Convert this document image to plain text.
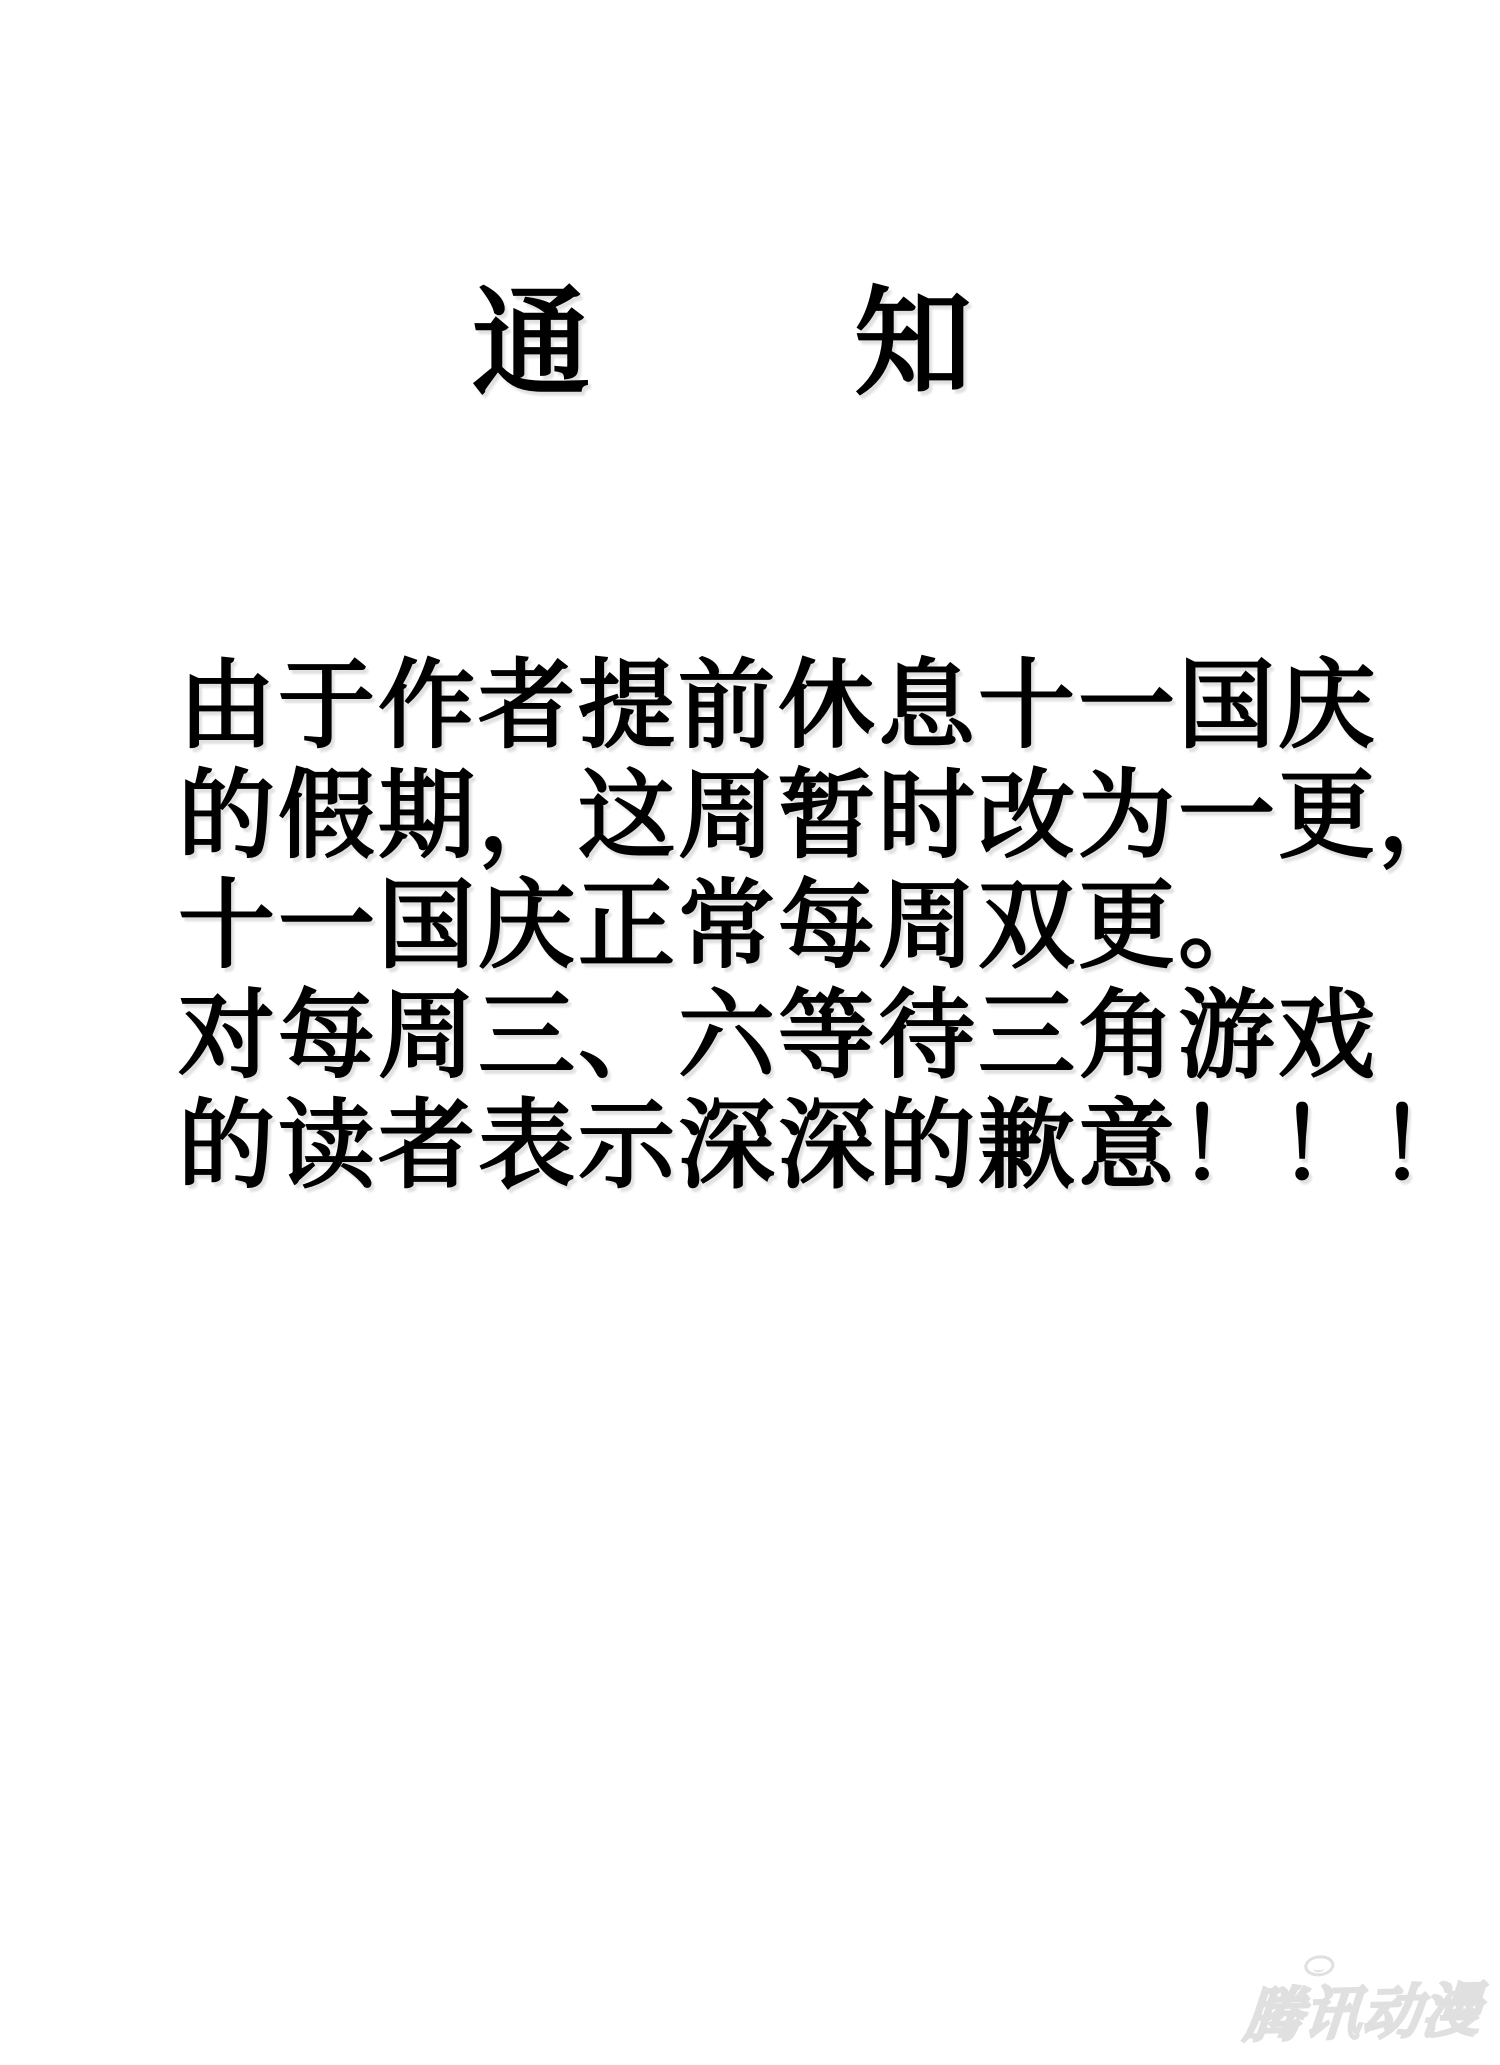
通 知
由于作者提前休息十一国庆
的假期，这周暂时改为一更，
十一国庆正常每周双更。
对每周三、六等待三角游戏
的读者表示深深的歉意！！！
腾讯动漫
